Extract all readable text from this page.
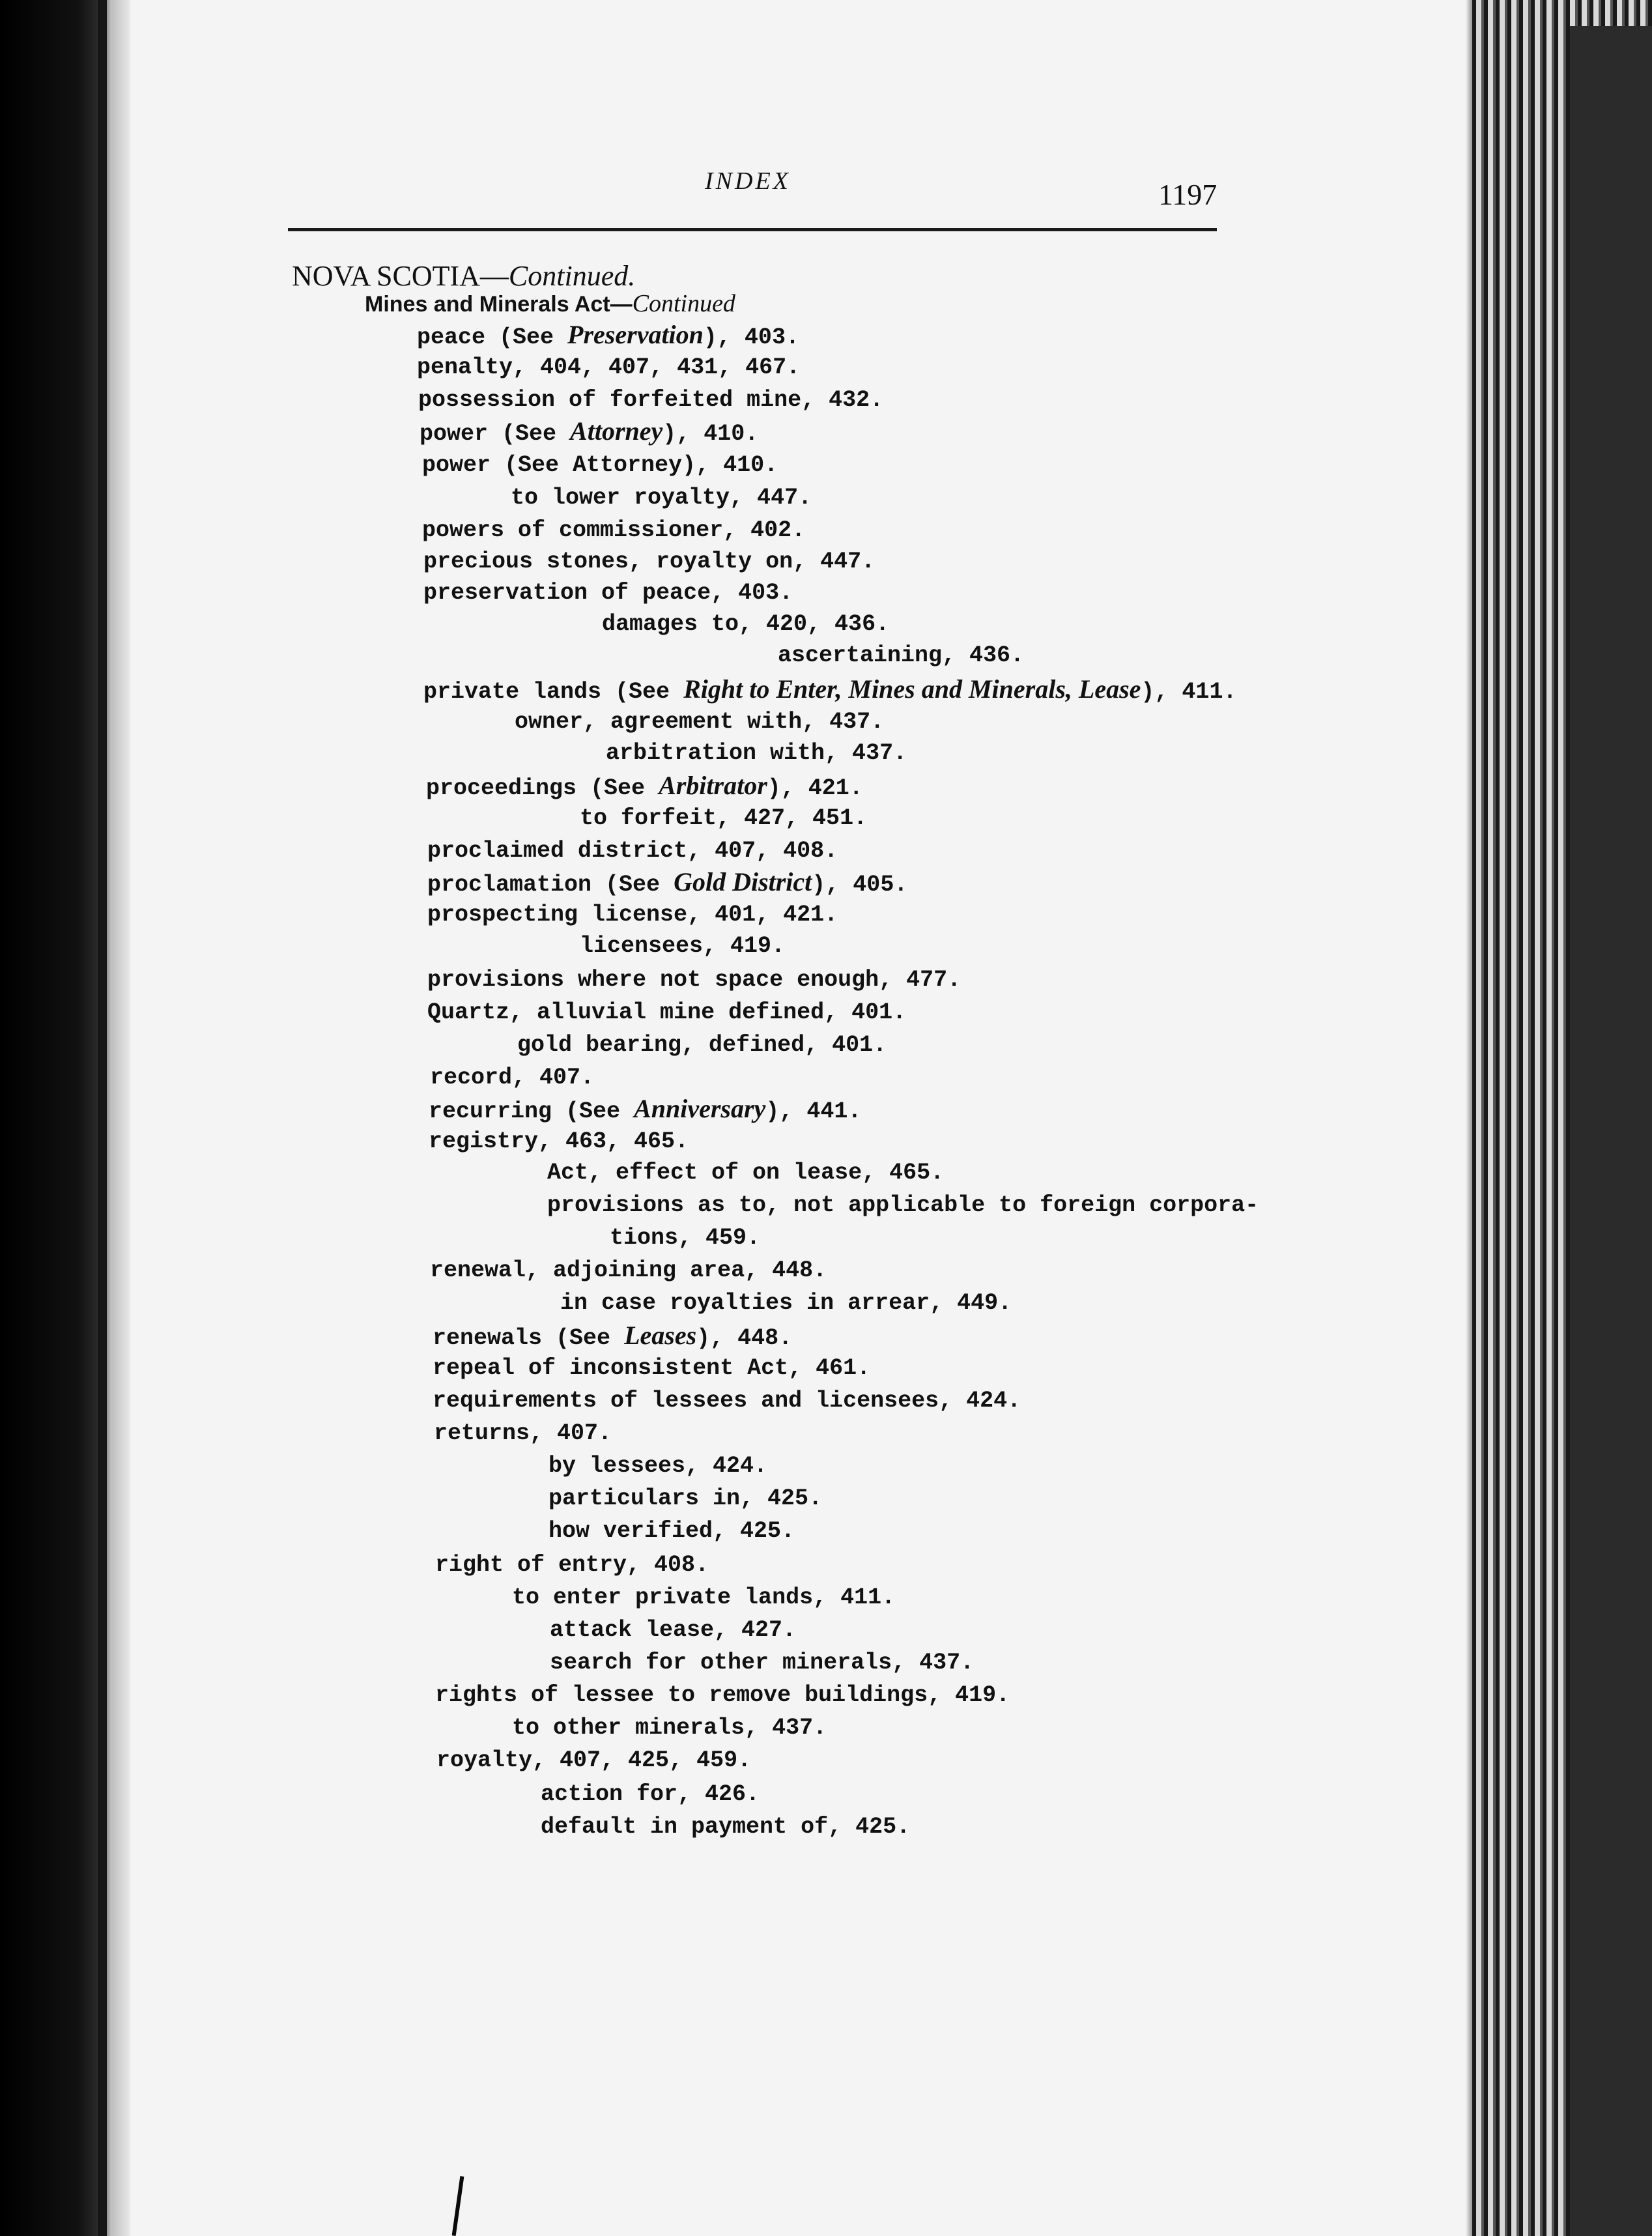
INDEX	1197
NOVA SCOTIA—Continued.
Mines and Minerals Act—Continued
peace (See Preservation), 403.
penalty, 404, 407, 431, 467.
possession of forfeited mine, 432.
power (See Attorney), 410.
power (See Attorney), 410.
to lower royalty, 447.
powers of commissioner, 402.
precious stones, royalty on, 447.
preservation of peace, 403.
damages to, 420, 436.
ascertaining, 436.
private lands (See Right to Enter, Mines and Minerals, Lease), 411.
owner, agreement with, 437.
arbitration with, 437.
proceedings (See Arbitrator), 421.
to forfeit, 427, 451.
proclaimed district, 407, 408.
proclamation (See Gold District), 405.
prospecting license, 401, 421.
licensees, 419.
provisions where not space enough, 477.
Quartz, alluvial mine defined, 401.
gold bearing, defined, 401.
record, 407.
recurring (See Anniversary), 441.
registry, 463, 465.
Act, effect of on lease, 465.
provisions as to, not applicable to foreign corpora-
tions, 459.
renewal, adjoining area, 448.
in case royalties in arrear, 449.
renewals (See Leases), 448.
repeal of inconsistent Act, 461.
requirements of lessees and licensees, 424.
returns, 407.
by lessees, 424.
particulars in, 425.
how verified, 425.
right of entry, 408.
to enter private lands, 411.
attack lease, 427.
search for other minerals, 437.
rights of lessee to remove buildings, 419.
to other minerals, 437.
royalty, 407, 425, 459.
action for, 426.
default in payment of, 425.
